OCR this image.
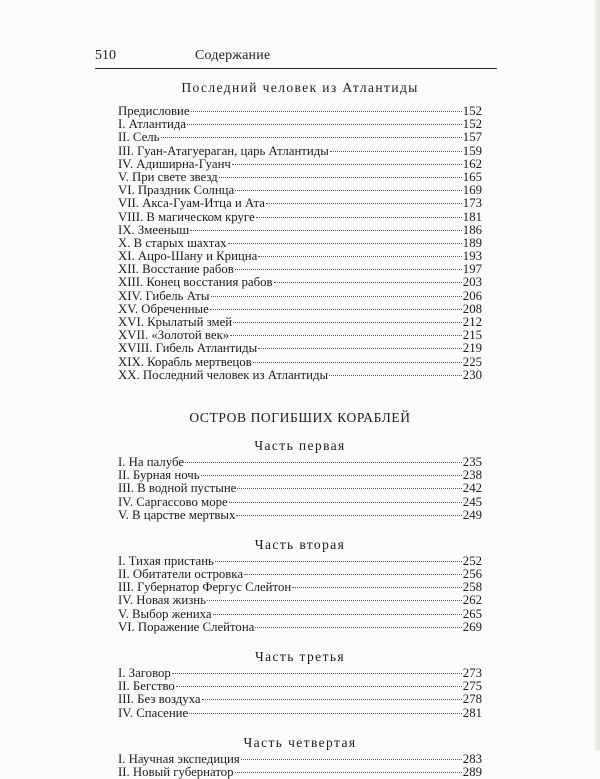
510	Содержание
Последний человек из Атлантиды
Предисловие	152
I. Атлантида	152
II. Сель	157
III. Гуан-Атагуераган, царь Атлантиды	159
IV. Адиширна-Гуанч	162
V. При свете звезд	165
VI. Праздник Солнца	169
VII. Акса-Гуам-Итца и Ата	173
VIII. В магическом круге	181
IX. Змееныш	186
X. В старых шахтах	189
XI. Ацро-Шану и Крицна	193
XII. Восстание рабов	197
XIII. Конец восстания рабов	203
XIV. Гибель Аты	206
XV. Обреченные	208
XVI. Крылатый змей	212
XVII. «Золотой век»	215
XVIII. Гибель Атлантиды	219
XIX. Корабль мертвецов	225
XX. Последний человек из Атлантиды	230
ОСТРОВ ПОГИБШИХ КОРАБЛЕЙ
Часть первая
I. На палубе	235
II. Бурная ночь	238
III. В водной пустыне	242
IV. Саргассово море	245
V. В царстве мертвых	249
Часть вторая
I. Тихая пристань	252
II. Обитатели островка	256
III. Губернатор Фергус Слейтон	258
IV. Новая жизнь	262
V. Выбор жениха	265
VI. Поражение Слейтона	269
Часть третья
I. Заговор	273
II. Бегство	275
III. Без воздуха	278
IV. Спасение	281
Часть четвертая
I. Научная экспедиция	283
II. Новый губернатор	289
